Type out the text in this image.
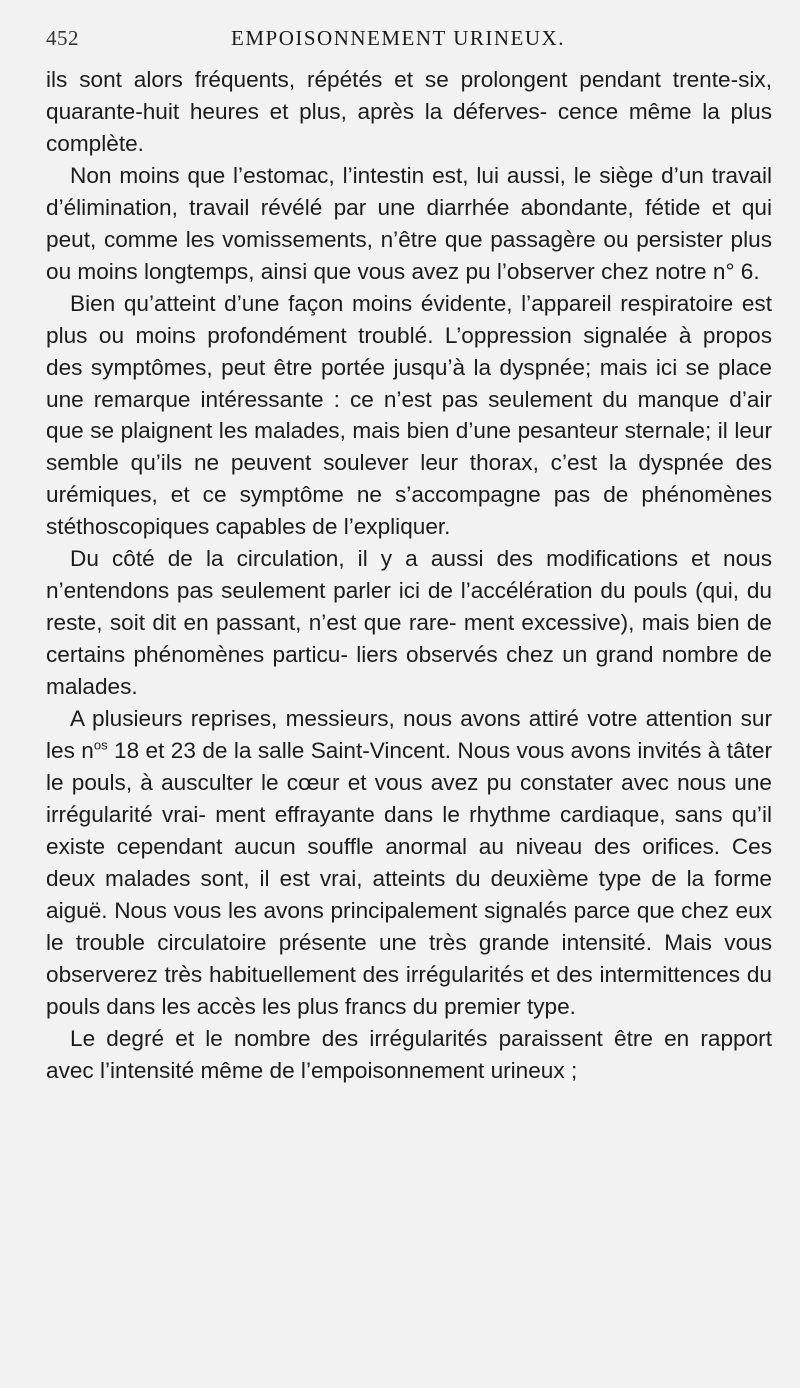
452	EMPOISONNEMENT URINEUX.

ils sont alors fréquents, répétés et se prolongent pendant trente-six, quarante-huit heures et plus, après la déferves- cence même la plus complète.

Non moins que l’estomac, l’intestin est, lui aussi, le siège d’un travail d’élimination, travail révélé par une diarrhée abondante, fétide et qui peut, comme les vomissements, n’être que passagère ou persister plus ou moins longtemps, ainsi que vous avez pu l’observer chez notre n° 6.

Bien qu’atteint d’une façon moins évidente, l’appareil respiratoire est plus ou moins profondément troublé. L’oppression signalée à propos des symptômes, peut être portée jusqu’à la dyspnée; mais ici se place une remarque intéressante : ce n’est pas seulement du manque d’air que se plaignent les malades, mais bien d’une pesanteur sternale; il leur semble qu’ils ne peuvent soulever leur thorax, c’est la dyspnée des urémiques, et ce symptôme ne s’accompagne pas de phénomènes stéthoscopiques capables de l’expliquer.

Du côté de la circulation, il y a aussi des modifications et nous n’entendons pas seulement parler ici de l’accélération du pouls (qui, du reste, soit dit en passant, n’est que rare- ment excessive), mais bien de certains phénomènes particu- liers observés chez un grand nombre de malades.

A plusieurs reprises, messieurs, nous avons attiré votre attention sur les $n^{os}$ 18 et 23 de la salle Saint-Vincent. Nous vous avons invités à tâter le pouls, à ausculter le cœur et vous avez pu constater avec nous une irrégularité vrai- ment effrayante dans le rhythme cardiaque, sans qu’il existe cependant aucun souffle anormal au niveau des orifices. Ces deux malades sont, il est vrai, atteints du deuxième type de la forme aiguë. Nous vous les avons principalement signalés parce que chez eux le trouble circulatoire présente une très grande intensité. Mais vous observerez très habituellement des irrégularités et des intermittences du pouls dans les accès les plus francs du premier type.

Le degré et le nombre des irrégularités paraissent être en rapport avec l’intensité même de l’empoisonnement urineux ;
